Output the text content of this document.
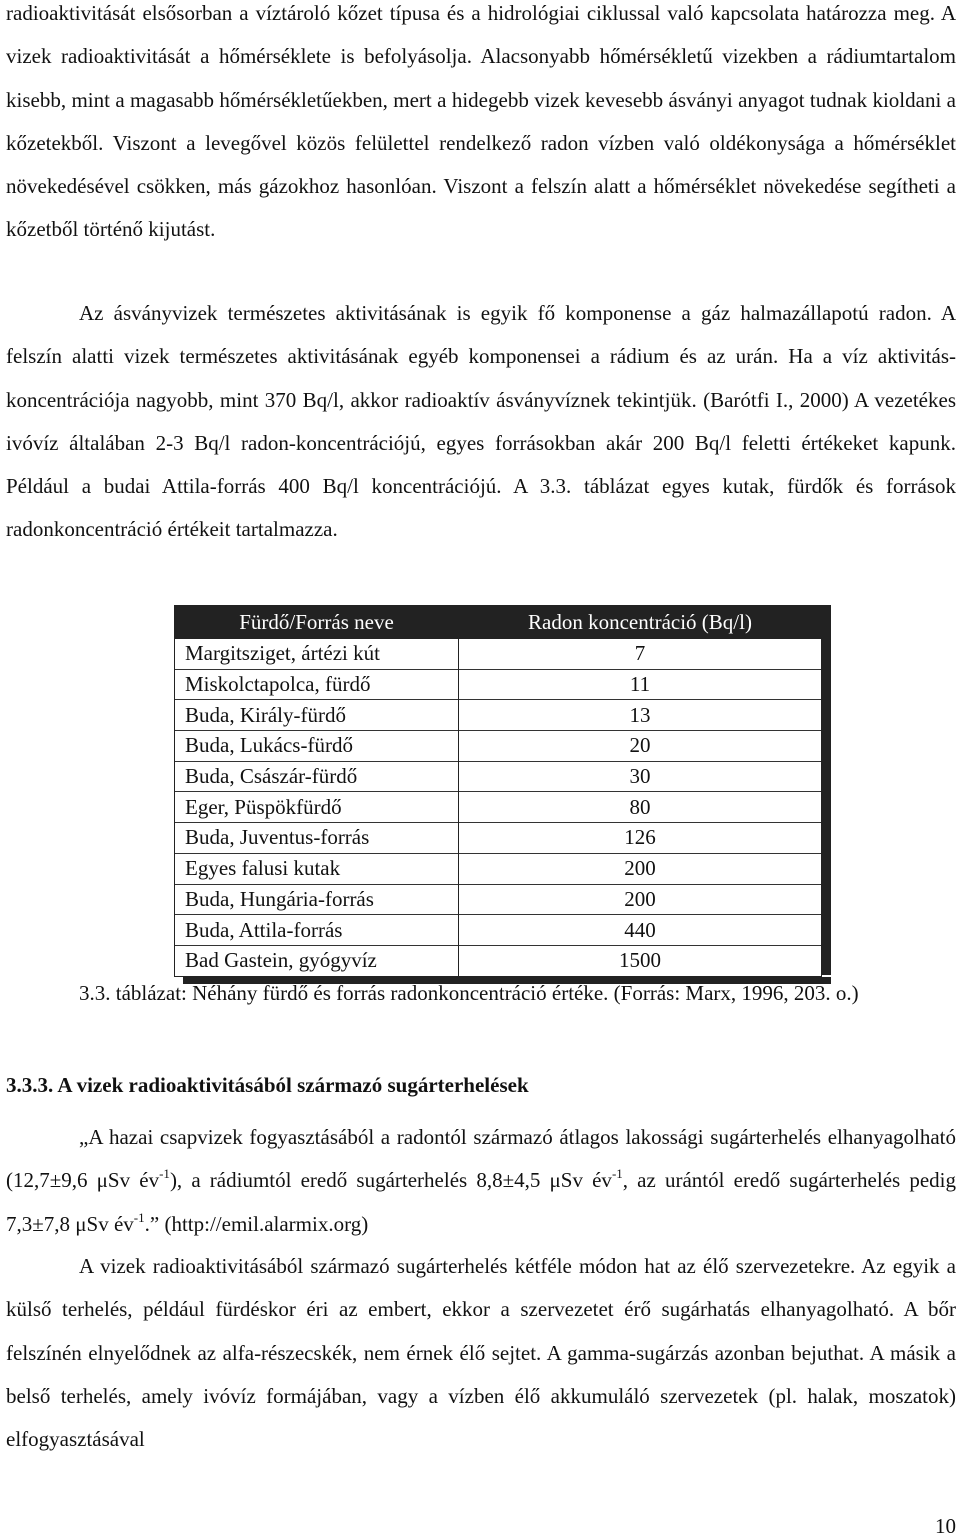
radioaktivitását elsősorban a víztároló kőzet típusa és a hidrológiai ciklussal való kapcsolata határozza meg. A vizek radioaktivitását a hőmérséklete is befolyásolja. Alacsonyabb hőmérsékletű vizekben a rádiumtartalom kisebb, mint a magasabb hőmérsékletűekben, mert a hidegebb vizek kevesebb ásványi anyagot tudnak kioldani a kőzetekből. Viszont a levegővel közös felülettel rendelkező radon vízben való oldékonysága a hőmérséklet növekedésével csökken, más gázokhoz hasonlóan. Viszont a felszín alatt a hőmérséklet növekedése segítheti a kőzetből történő kijutást.

Az ásványvizek természetes aktivitásának is egyik fő komponense a gáz halmazállapotú radon. A felszín alatti vizek természetes aktivitásának egyéb komponensei a rádium és az urán. Ha a víz aktivitás-koncentrációja nagyobb, mint 370 Bq/l, akkor radioaktív ásványvíznek tekintjük. (Barótfi I., 2000) A vezetékes ivóvíz általában 2-3 Bq/l radon-koncentrációjú, egyes forrásokban akár 200 Bq/l feletti értékeket kapunk. Például a budai Attila-forrás 400 Bq/l koncentrációjú. A 3.3. táblázat egyes kutak, fürdők és források radonkoncentráció értékeit tartalmazza.

Fürdő/Forrás neve	Radon koncentráció (Bq/l)
Margitsziget, ártézi kút	7
Miskolctapolca, fürdő	11
Buda, Király-fürdő	13
Buda, Lukács-fürdő	20
Buda, Császár-fürdő	30
Eger, Püspökfürdő	80
Buda, Juventus-forrás	126
Egyes falusi kutak	200
Buda, Hungária-forrás	200
Buda, Attila-forrás	440
Bad Gastein, gyógyvíz	1500

3.3. táblázat: Néhány fürdő és forrás radonkoncentráció értéke. (Forrás: Marx, 1996, 203. o.)

3.3.3. A vizek radioaktivitásából származó sugárterhelések

„A hazai csapvizek fogyasztásából a radontól származó átlagos lakossági sugárterhelés elhanyagolható (12,7±9,6 μSv $év^{-1}$), a rádiumtól eredő sugárterhelés 8,8±4,5 μSv $év^{-1}$, az urántól eredő sugárterhelés pedig 7,3±7,8 μSv $év^{-1}$.” (http://emil.alarmix.org)

A vizek radioaktivitásából származó sugárterhelés kétféle módon hat az élő szervezetekre. Az egyik a külső terhelés, például fürdéskor éri az embert, ekkor a szervezetet érő sugárhatás elhanyagolható. A bőr felszínén elnyelődnek az alfa-részecskék, nem érnek élő sejtet. A gamma-sugárzás azonban bejuthat. A másik a belső terhelés, amely ivóvíz formájában, vagy a vízben élő akkumuláló szervezetek (pl. halak, moszatok) elfogyasztásával

10
